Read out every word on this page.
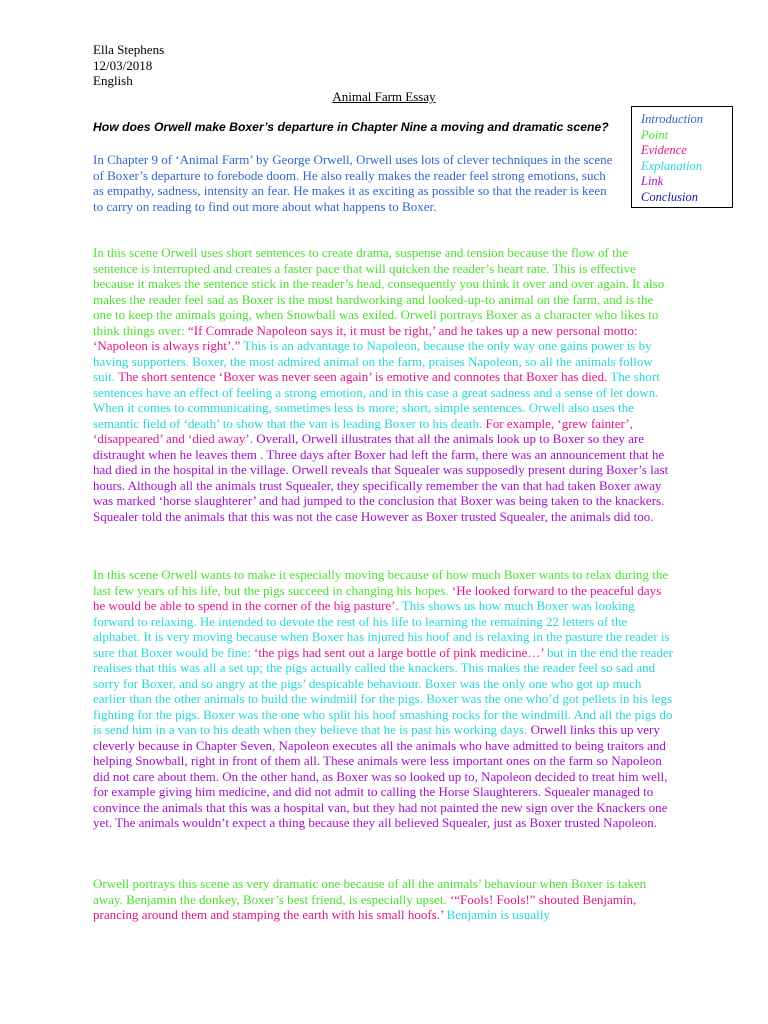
Ella Stephens
12/03/2018
English
Animal Farm Essay
How does Orwell make Boxer’s departure in Chapter Nine a moving and dramatic scene?
Introduction
Point
Evidence
Explanation
Link
Conclusion
In Chapter 9 of ‘Animal Farm’ by George Orwell, Orwell uses lots of clever techniques in the scene of Boxer’s departure to forebode doom. He also really makes the reader feel strong emotions, such as empathy, sadness, intensity an fear. He makes it as exciting as possible so that the reader is keen to carry on reading to find out more about what happens to Boxer.
In this scene Orwell uses short sentences to create drama, suspense and tension because the flow of the sentence is interrupted and creates a faster pace that will quicken the reader’s heart rate. This is effective because it makes the sentence stick in the reader’s head, consequently you think it over and over again. It also makes the reader feel sad as Boxer is the most hardworking and looked-up-to animal on the farm, and is the one to keep the animals going, when Snowball was exiled. Orwell portrays Boxer as a character who likes to think things over: “If Comrade Napoleon says it, it must be right,’ and he takes up a new personal motto: ‘Napoleon is always right’.” This is an advantage to Napoleon, because the only way one gains power is by having supporters. Boxer, the most admired animal on the farm, praises Napoleon, so all the animals follow suit. The short sentence ‘Boxer was never seen again’ is emotive and connotes that Boxer has died. The short sentences have an effect of feeling a strong emotion, and in this case a great sadness and a sense of let down. When it comes to communicating, sometimes less is more; short, simple sentences. Orwell also uses the semantic field of ‘death’ to show that the van is leading Boxer to his death. For example, ‘grew fainter’, ‘disappeared’ and ‘died away’. Overall, Orwell illustrates that all the animals look up to Boxer so they are distraught when he leaves them . Three days after Boxer had left the farm, there was an announcement that he had died in the hospital in the village. Orwell reveals that Squealer was supposedly present during Boxer’s last hours. Although all the animals trust Squealer, they specifically remember the van that had taken Boxer away was marked ‘horse slaughterer’ and had jumped to the conclusion that Boxer was being taken to the knackers. Squealer told the animals that this was not the case However as Boxer trusted Squealer, the animals did too.
In this scene Orwell wants to make it especially moving because of how much Boxer wants to relax during the last few years of his life, but the pigs succeed in changing his hopes. ‘He looked forward to the peaceful days he would be able to spend in the corner of the big pasture’. This shows us how much Boxer was looking forward to relaxing. He intended to devote the rest of his life to learning the remaining 22 letters of the alphabet. It is very moving because when Boxer has injured his hoof and is relaxing in the pasture the reader is sure that Boxer would be fine: ‘the pigs had sent out a large bottle of pink medicine…’ but in the end the reader realises that this was all a set up; the pigs actually called the knackers. This makes the reader feel so sad and sorry for Boxer, and so angry at the pigs’ despicable behaviour. Boxer was the only one who got up much earlier than the other animals to build the windmill for the pigs. Boxer was the one who’d got pellets in his legs fighting for the pigs. Boxer was the one who split his hoof smashing rocks for the windmill. And all the pigs do is send him in a van to his death when they believe that he is past his working days. Orwell links this up very cleverly because in Chapter Seven, Napoleon executes all the animals who have admitted to being traitors and helping Snowball, right in front of them all. These animals were less important ones on the farm so Napoleon did not care about them. On the other hand, as Boxer was so looked up to, Napoleon decided to treat him well, for example giving him medicine, and did not admit to calling the Horse Slaughterers. Squealer managed to convince the animals that this was a hospital van, but they had not painted the new sign over the Knackers one yet. The animals wouldn’t expect a thing because they all believed Squealer, just as Boxer trusted Napoleon.
Orwell portrays this scene as very dramatic one because of all the animals’ behaviour when Boxer is taken away. Benjamin the donkey, Boxer’s best friend, is especially upset. ‘“Fools! Fools!” shouted Benjamin, prancing around them and stamping the earth with his small hoofs.’ Benjamin is usually
